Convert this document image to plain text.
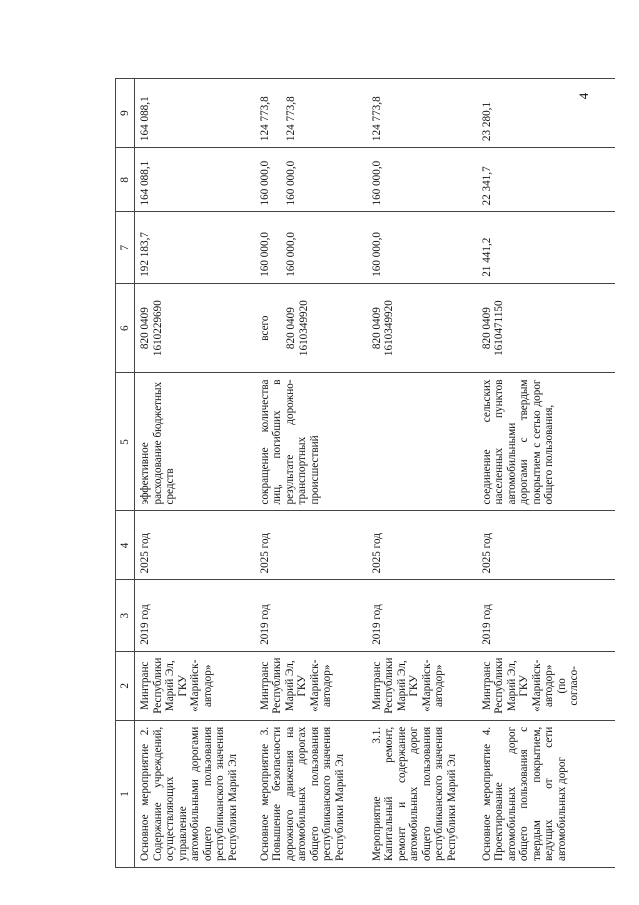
4
1	2	3	4	5	6	7	8	9
Основное мероприятие 2. Содержание учреждений, осуществляющих управление автомобильными дорогами общего пользования республиканского значения Республики Марий Эл	Минтранс Республики Марий Эл, ГКУ «Марийск-автодор»	2019 год	2025 год	эффективное расходование бюджетных средств	820 0409 1610229690	192 183,7	164 088,1	164 088,1
Основное мероприятие 3. Повышение безопасности дорожного движения на автомобильных дорогах общего пользования республиканского значения Республики Марий Эл	Минтранс Республики Марий Эл, ГКУ «Марийск-автодор»	2019 год	2025 год	сокращение количества лиц, погибших в результате дорожно-транспортных происшествий	всего 820 0409 1610349920	160 000,0 160 000,0	160 000,0 160 000,0	124 773,8 124 773,8
Мероприятие 3.1. Капитальный ремонт, ремонт и содержание автомобильных дорог общего пользования республиканского значения Республики Марий Эл	Минтранс Республики Марий Эл, ГКУ «Марийск-автодор»	2019 год	2025 год		820 0409 1610349920	160 000,0	160 000,0	124 773,8
Основное мероприятие 4. Проектирование автомобильных дорог общего пользования с твердым покрытием, ведущих от сети автомобильных дорог	Минтранс Республики Марий Эл, ГКУ «Марийск-автодор» (по согласо-	2019 год	2025 год	соединение сельских населенных пунктов автомобильными дорогами с твердым покрытием с сетью дорог общего пользования,	820 0409 1610471150	21 441,2	22 341,7	23 280,1
